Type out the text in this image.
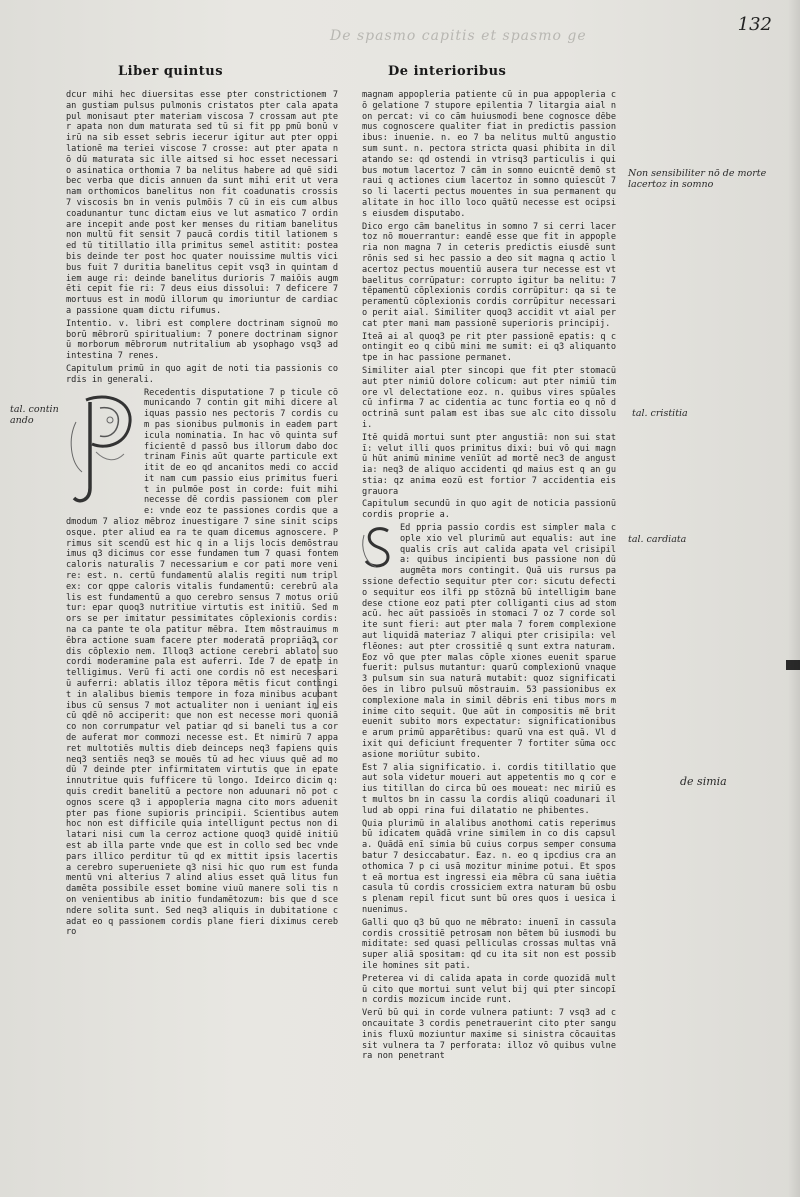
De spasmo capitis et spasmo ge
132
Liber quintus	De interioribus
tal. contin ando

dcur mihi hec diuersitas esse pter constrictionem 7 an gustiam pulsus pulmonis cristatos pter cala apata pul monisaut pter materiam viscosa 7 crossam aut pter apata non dum maturata sed tū si fit pp pmū bonū virū na sib esset sebris iecerur igitur aut pter oppilationē ma teriei viscose 7 crosse: aut pter apata nō dū maturata sic ille aitsed si hoc esset necessario asinatica orthomia 7 ba nelitus habere ad quē sidibec verba que dicis annuen da sunt mihi erit ut vera nam orthomicos banelitus non fit coadunatis crossis 7 viscosis bn in venis pulmōis 7 cū in eis cum albus coadunantur tunc dictam eius ve lut asmatico 7 ordinare incepit ande post ker menses du ritiam banelitus non multū fit sensit 7 paucā cordis titil lationem sed tū titillatio illa primitus semel astitit: postea bis deinde ter post hoc quater nouissime multis vicibus fuit 7 duritia banelitus cepit vsq3 in quintam diem auge ri: deinde banelitus durioris 7 maiōis augmēti cepit fie ri: 7 deus eius dissolui: 7 deficere 7 mortuus est in modū illorum qu imoriuntur de cardiaca passione quam dictu rifumus.

Intentio. v. libri est complere doctrinam signoū mo borū mēbrorū spiritualium: 7 ponere doctrinam signorū morborum mēbrorum nutritalium ab ysophago vsq3 ad intestina 7 renes.

Capitulum primū in quo agit de noti tia passionis cordis in generali.

Recedentis disputatione 7 p ticule cōmunicando 7 contin git mihi dicere aliquas passio nes pectoris 7 cordis cum pas sionibus pulmonis in eadem particula nominatia. In hac vō quinta sufficientē d passō bus illorum dabo doctrinam Finis aūt quarte particule extitit de eo qd ancanitos medi co accidit nam cum passio eius primitus fuerit in pulmōe post in corde: fuit mihi necesse dē cordis passionem com plere: vnde eoz te passiones cordis que admodum 7 alioz mēbroz inuestigare 7 sine sinit scipsosque. pter aliud ea ra te quam dicemus agnoscere. Primus sit scendū est hic q in a lijs locis demōstrauimus q3 dicimus cor esse fundamen tum 7 quasi fontem caloris naturalis 7 necessarium e cor pati more venire: est. n. certū fundamentū alalis regiti num triplex: cor qppe caloris vitalis fundamentū: cerebrū alalis est fundamentū a quo cerebro sensus 7 motus oriū tur: epar quoq3 nutritiue virtutis est initiū. Sed mors se per imitatur pessimitates cōplexionis cordis: na ca pante te ola patitur mēbra. Item mōstrauimus mēbra actione suam facere pter moderatā propriāq3 cordis cōplexio nem. Illoq3 actione cerebri ablato suo cordi moderamine pala est auferri. Ide 7 de epate intelligimus. Verū fi acti one cordis nō est necessariū auferri: ablatis illoz tēpora mētis ficut contingit in alalibus biemis tempore in foza minibus acubantibus cū sensus 7 mot actualiter non i ueniant in eis cū qdē nō acciperit: que non est necesse mori quoniā co non corrumpatur vel patiar qd si baneli tus a corde auferat mor commozi necesse est. Et nimirū 7 apparet multotiēs multis dieb deinceps neq3 fapiens quis neq3 sentiēs neq3 se mouēs tū ad hec viuus quē ad modū 7 deinde pter infirmitatem virtutis que in epate innutritue quis fufficere tū longo. Ideirco dicim q: quis credit banelitū a pectore non aduunari nō pot cognos scere q3 i appopleria magna cito mors aduenit pter pas fione supioris principii. Scientibus autem hoc non est difficile quia intelligunt pectus non dilatari nisi cum la cerroz actione quoq3 quidē initiū est ab illa parte vnde que est in collo sed bec vnde pars illico perditur tū qd ex mittit ipsis lacertis a cerebro superueniete q3 nisi hic quo rum est fundamentū vni alterius 7 alind alius esset quā litus fundamēta possibile esset bomine viuū manere soli tis non venientibus ab initio fundamētozum: bis que d scendere solita sunt. Sed neq3 aliquis in dubitatione cadat eo q passionem cordis plane fieri diximus cerebro

magnam appopleria patiente cū in pua appopleria cō gelatione 7 stupore epilentia 7 litargia aial non percat: vi co cām huiusmodi bene cognosce dēbemus cognoscere qualiter fiat in predictis passionibus: inuenie. n. eo 7 ba nelitus multū angustio sum sunt. n. pectora stricta quasi phibita in dilatando se: qd ostendi in vtrisq3 particulis i quibus motum lacertoz 7 cām in somno euicntē demō straui q actiones cium lacertoz in somno quiescūt 7 so li lacerti pectus mouentes in sua permanent qualitate in hoc illo loco quātū necesse est ocipsis eiusdem disputabo.

Dico ergo cām banelitus in somno 7 si cerri lacertoz nō mouerrantur: eandē esse que fit in appopleria non magna 7 in ceteris predictis eiusdē sunt rōnis sed si hec passio a deo sit magna q actio lacertoz pectus mouentiū ausera tur necesse est vt baelitus corrūpatur: corrupto igitur ba nelitu: 7 tēpamentū cōplexionis cordis corrūpitur: qa si te peramentū cōplexionis cordis corrūpitur necessario perit aial. Similiter quoq3 accidit vt aial percat pter mani mam passionē superioris principij.

Iteā ai al quoq3 pe rit pter passionē epatis: q contingit eo q cibū mini me sumit: ei q3 aliquanto tpe in hac passione permanet.

Similiter aial pter sincopi que fit pter stomacū aut pter nimiū dolore colicum: aut pter nimiū timore vl delectatione eoz. n. quibus vires spūales cū infirma 7 ac cidentia ac tunc fortia eo q nō doctrinā sunt palam est ibas sue alc cito dissolui.

Itē quidā mortui sunt pter angustiā: non sui statī: velut illi quos primitus dixi: bui vō qui magnū hūt animū minime venīūt ad mortē nec3 de angustia: neq3 de aliquo accidenti qd maius est q an gustia: qz anima eozū est fortior 7 accidentia eis grauora

Capitulum secundū in quo agit de noticia passionū cordis proprie a.

Ed ppria passio cordis est simpler mala cople xio vel plurimū aut equalis: aut inequalis crīs aut calida apata vel crisipila: quibus incipienti bus passione non dū augmēta mors contingit. Quā uis rursus passione defectio sequitur pter cor: sicutu defectio sequitur eos ilfi pp stōznā bū intelligim bane dese ctione eoz pati pter colliganti cius ad stomacū. hec aūt passioēs in stomaci 7 oz 7 corde solite sunt fieri: aut pter mala 7 forem complexione aut liquidā materiaz 7 aliqui pter crisipila: vel flēones: aut pter crossitiē q sunt extra naturam. Eoz vō que pter malas cōple xiones euenit sparue fuerit: pulsus mutantur: quarū complexionū vnaque3 pulsum sin sua naturā mutabit: quoz significatiōes in libro pulsuū mōstrauim. 53 passionibus ex complexione mala in simil dēbris eni tibus mors minime cito sequit. Que aūt in compositis mē brit euenit subito mors expectatur: significationibus e arum primū apparētibus: quarū vna est quā. Vl dixit qui deficiunt frequenter 7 fortiter sūma occasione moriūtur subito.

Est 7 alia significatio. i. cordis titillatio que aut sola videtur moueri aut appetentis mo q cor eius titillan do circa bū oes moueat: nec miriū est multos bn in cassu la cordis aliqū coadunari illud ab oppi rina fui dilatatio ne phibentes.

Quia plurimū in alalibus anothomi catis reperimus bū idicatem quādā vrine similem in co dis capsula. Quādā enī simia bū cuius corpus semper consumabatur 7 desiccabatur. Eaz. n. eo q ipcdius cra anothomica 7 p ci usā mozitur minime potui. Et spost eā mortua est ingressi eia mēbra cū sana iuētia casula tū cordis crossiciem extra naturam bū osbus plenam repil ficut sunt bū ores quos i uesica inuenimus.

Galli quo q3 bū quo ne mēbrato: inuenī in cassula cordis crossitiē petrosam non bētem bū iusmodi bumiditate: sed quasi pelliculas crossas multas vnā super aliā spositam: qd cu ita sit non est possibile homines sit pati.

Preterea vi di calida apata in corde quozidā multū cito que mortui sunt velut bij qui pter sincopīn cordis mozicum incide runt.

Verū bū qui in corde vulnera patiunt: 7 vsq3 ad concauitate 3 cordis penetrauerint cito pter sanguinis fluxū moziuntur maxime si sinistra cōcauitas sit vulnera ta 7 perforata: illoz vō quibus vulnera non penetrant

Non sensibiliter nō de morte lacertoz in somno
tal. cristitia
tal. cardiata
de simia
